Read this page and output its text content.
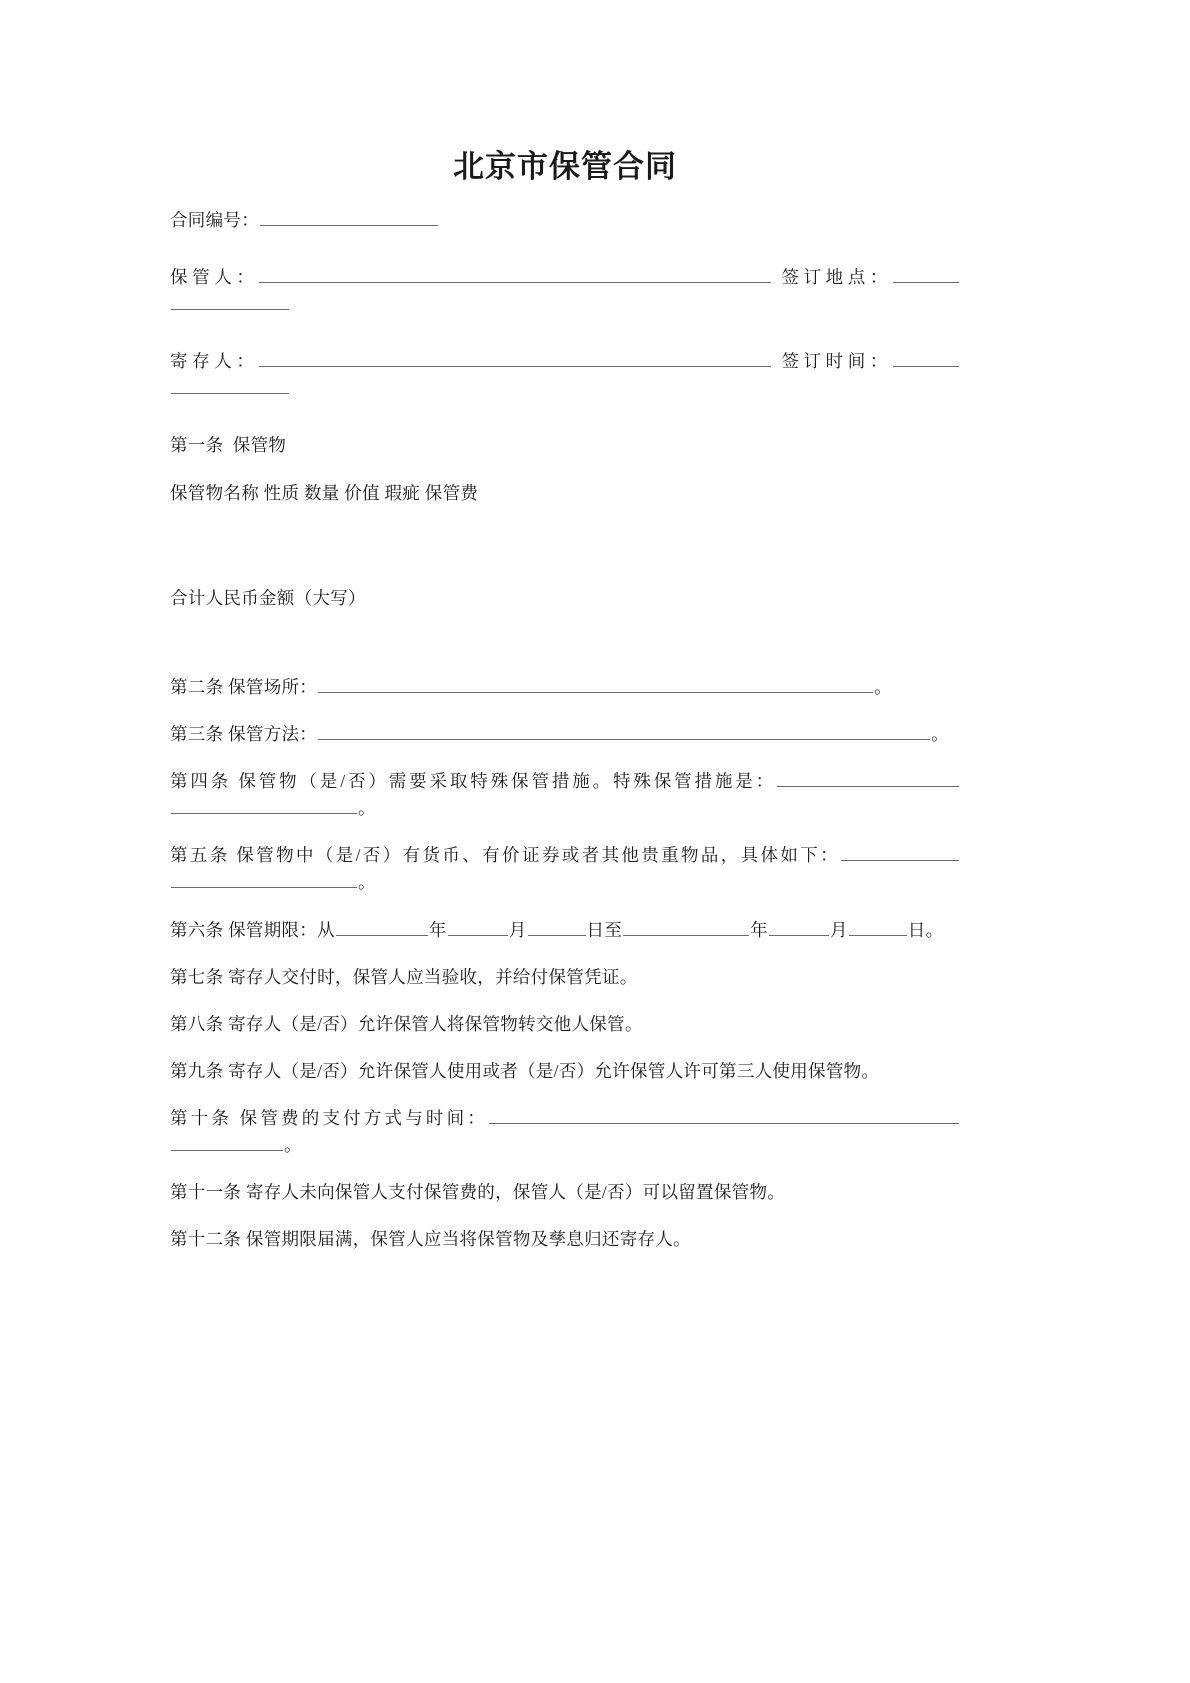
北京市保管合同

合同编号：

保管人：	签订地点：

寄存人：	签订时间：

第一条 保管物

保管物名称 性质 数量 价值 瑕疵 保管费

合计人民币金额（大写）

第二条 保管场所：	。

第三条 保管方法：	。

第四条 保管物（是/否）需要采取特殊保管措施。特殊保管措施是：。

第五条 保管物中（是/否）有货币、有价证券或者其他贵重物品，具体如下：。

第六条 保管期限：从	年	月	日至	年	月	日。

第七条 寄存人交付时，保管人应当验收，并给付保管凭证。

第八条 寄存人（是/否）允许保管人将保管物转交他人保管。

第九条 寄存人（是/否）允许保管人使用或者（是/否）允许保管人许可第三人使用保管物。

第十条 保管费的支付方式与时间：。

第十一条 寄存人未向保管人支付保管费的，保管人（是/否）可以留置保管物。

第十二条 保管期限届满，保管人应当将保管物及孳息归还寄存人。
